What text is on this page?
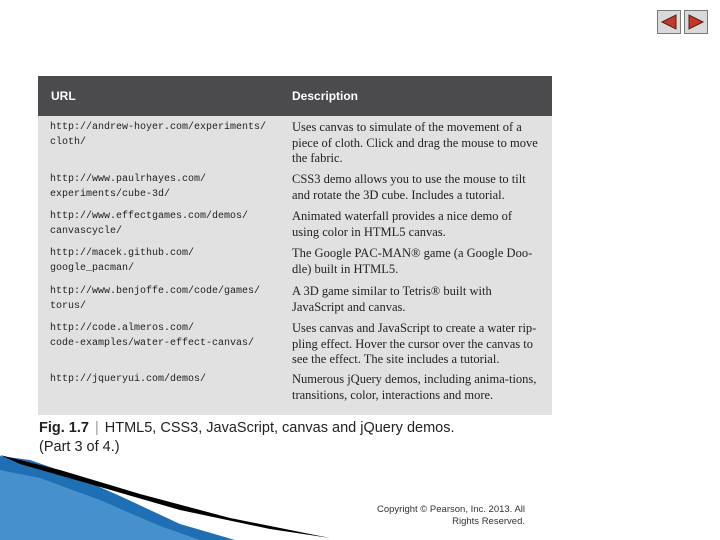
URL	Description
http://andrew-hoyer.com/experiments/
cloth/
Uses canvas to simulate of the movement of a piece of cloth. Click and drag the mouse to move the fabric.
http://www.paulrhayes.com/
experiments/cube-3d/
CSS3 demo allows you to use the mouse to tilt and rotate the 3D cube. Includes a tutorial.
http://www.effectgames.com/demos/
canvascycle/
Animated waterfall provides a nice demo of using color in HTML5 canvas.
http://macek.github.com/
google_pacman/
The Google PAC-MAN® game (a Google Doo-dle) built in HTML5.
http://www.benjoffe.com/code/games/
torus/
A 3D game similar to Tetris® built with JavaScript and canvas.
http://code.almeros.com/
code-examples/water-effect-canvas/
Uses canvas and JavaScript to create a water rip-pling effect. Hover the cursor over the canvas to see the effect. The site includes a tutorial.
http://jqueryui.com/demos/	Numerous jQuery demos, including anima-tions, transitions, color, interactions and more.
Fig. 1.7 | HTML5, CSS3, JavaScript, canvas and jQuery demos.
(Part 3 of 4.)
Copyright © Pearson, Inc. 2013. All
Rights Reserved.
